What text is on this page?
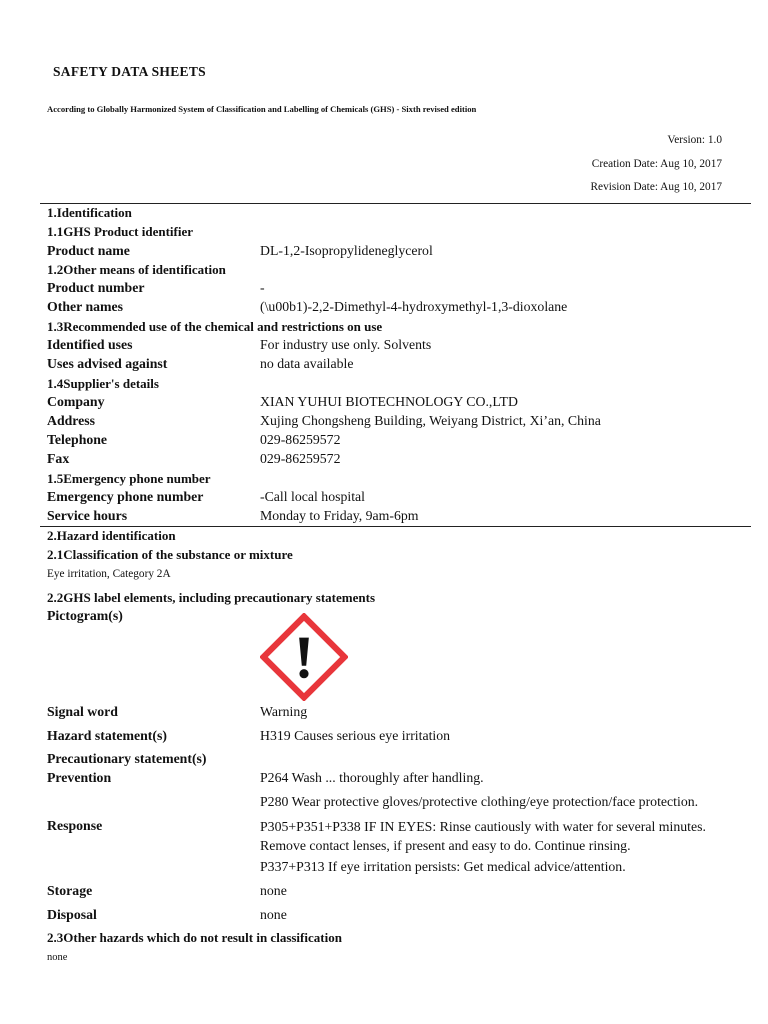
SAFETY DATA SHEETS
According to Globally Harmonized System of Classification and Labelling of Chemicals (GHS) - Sixth revised edition
Version: 1.0
Creation Date: Aug 10, 2017
Revision Date: Aug 10, 2017
1.Identification
1.1GHS Product identifier
Product name	DL-1,2-Isopropylideneglycerol
1.2Other means of identification
Product number	-
Other names	(\u00b1)-2,2-Dimethyl-4-hydroxymethyl-1,3-dioxolane
1.3Recommended use of the chemical and restrictions on use
Identified uses	For industry use only. Solvents
Uses advised against	no data available
1.4Supplier's details
Company	XIAN YUHUI BIOTECHNOLOGY CO.,LTD
Address	Xujing Chongsheng Building, Weiyang District, Xi’an, China
Telephone	029-86259572
Fax	029-86259572
1.5Emergency phone number
Emergency phone number	-Call local hospital
Service hours	Monday to Friday, 9am-6pm
2.Hazard identification
2.1Classification of the substance or mixture
Eye irritation, Category 2A
2.2GHS label elements, including precautionary statements
Pictogram(s)
Signal word	Warning
Hazard statement(s)	H319 Causes serious eye irritation
Precautionary statement(s)
Prevention	P264 Wash ... thoroughly after handling.
P280 Wear protective gloves/protective clothing/eye protection/face protection.
Response	P305+P351+P338 IF IN EYES: Rinse cautiously with water for several minutes. Remove contact lenses, if present and easy to do. Continue rinsing.
P337+P313 If eye irritation persists: Get medical advice/attention.
Storage	none
Disposal	none
2.3Other hazards which do not result in classification
none
